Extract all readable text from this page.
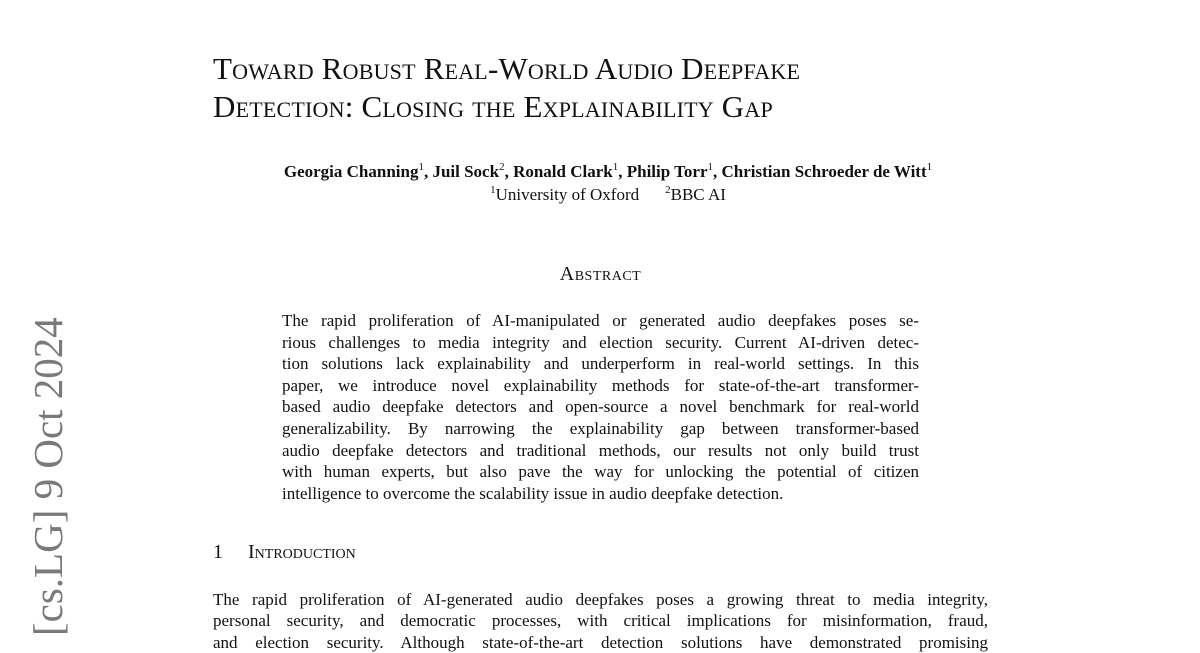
[cs.LG] 9 Oct 2024
Toward Robust Real-World Audio Deepfake
Detection: Closing the Explainability Gap
Georgia Channing$^1$, Juil Sock$^2$, Ronald Clark$^1$, Philip Torr$^1$, Christian Schroeder de Witt$^1$
$^1$University of Oxford $^2$BBC AI
Abstract
The rapid proliferation of AI-manipulated or generated audio deepfakes poses se-
rious challenges to media integrity and election security. Current AI-driven detec-
tion solutions lack explainability and underperform in real-world settings. In this
paper, we introduce novel explainability methods for state-of-the-art transformer-
based audio deepfake detectors and open-source a novel benchmark for real-world
generalizability. By narrowing the explainability gap between transformer-based
audio deepfake detectors and traditional methods, our results not only build trust
with human experts, but also pave the way for unlocking the potential of citizen
intelligence to overcome the scalability issue in audio deepfake detection.
1 Introduction
The rapid proliferation of AI-generated audio deepfakes poses a growing threat to media integrity,
personal security, and democratic processes, with critical implications for misinformation, fraud,
and election security. Although state-of-the-art detection solutions have demonstrated promising
